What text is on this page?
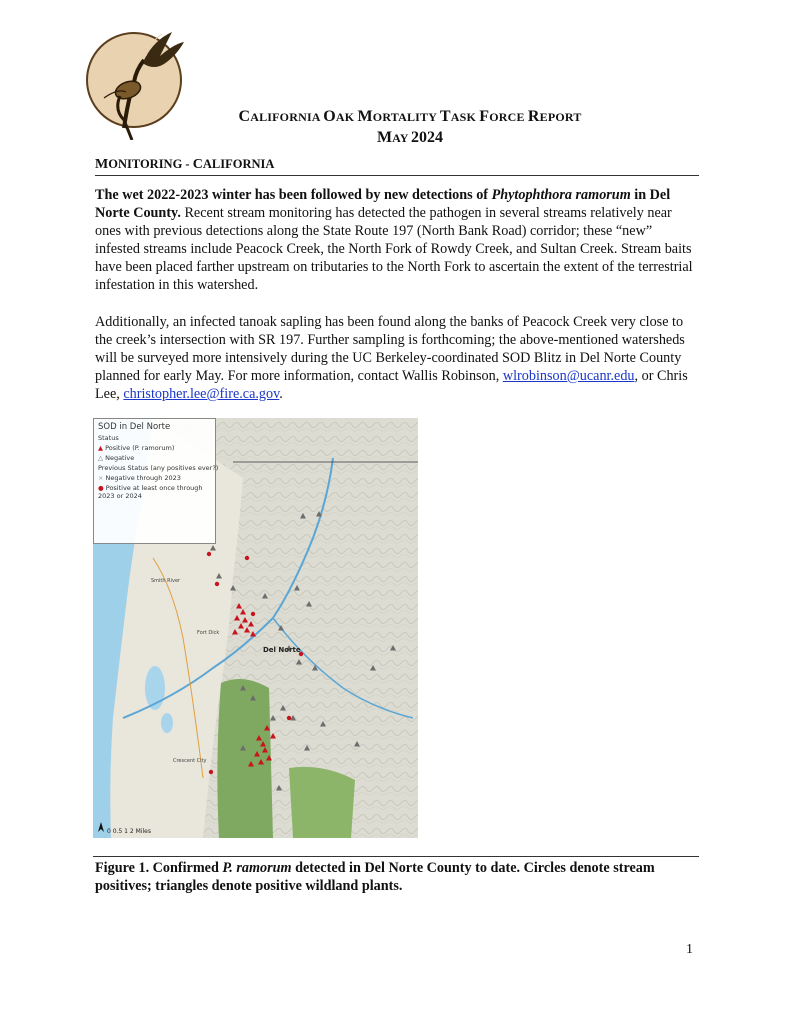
CALIFORNIA OAK MORTALITY TASK FORCE REPORT
MAY 2024
MONITORING - CALIFORNIA
The wet 2022-2023 winter has been followed by new detections of Phytophthora ramorum in Del Norte County. Recent stream monitoring has detected the pathogen in several streams relatively near ones with previous detections along the State Route 197 (North Bank Road) corridor; these “new” infested streams include Peacock Creek, the North Fork of Rowdy Creek, and Sultan Creek. Stream baits have been placed farther upstream on tributaries to the North Fork to ascertain the extent of the terrestrial infestation in this watershed.
Additionally, an infected tanoak sapling has been found along the banks of Peacock Creek very close to the creek’s intersection with SR 197. Further sampling is forthcoming; the above-mentioned watersheds will be surveyed more intensively during the UC Berkeley-coordinated SOD Blitz in Del Norte County planned for early May. For more information, contact Wallis Robinson, wlrobinson@ucanr.edu, or Chris Lee, christopher.lee@fire.ca.gov.
Del Norte
Smith River
Fort Dick
Crescent City
SOD in Del Norte
Status
▲ Positive (P. ramorum)
△ Negative
Previous Status (any positives ever?)
× Negative through 2023
● Positive at least once through 2023 or 2024
0 0.5 1 2 Miles
Figure 1. Confirmed P. ramorum detected in Del Norte County to date. Circles denote stream positives; triangles denote positive wildland plants.
1
